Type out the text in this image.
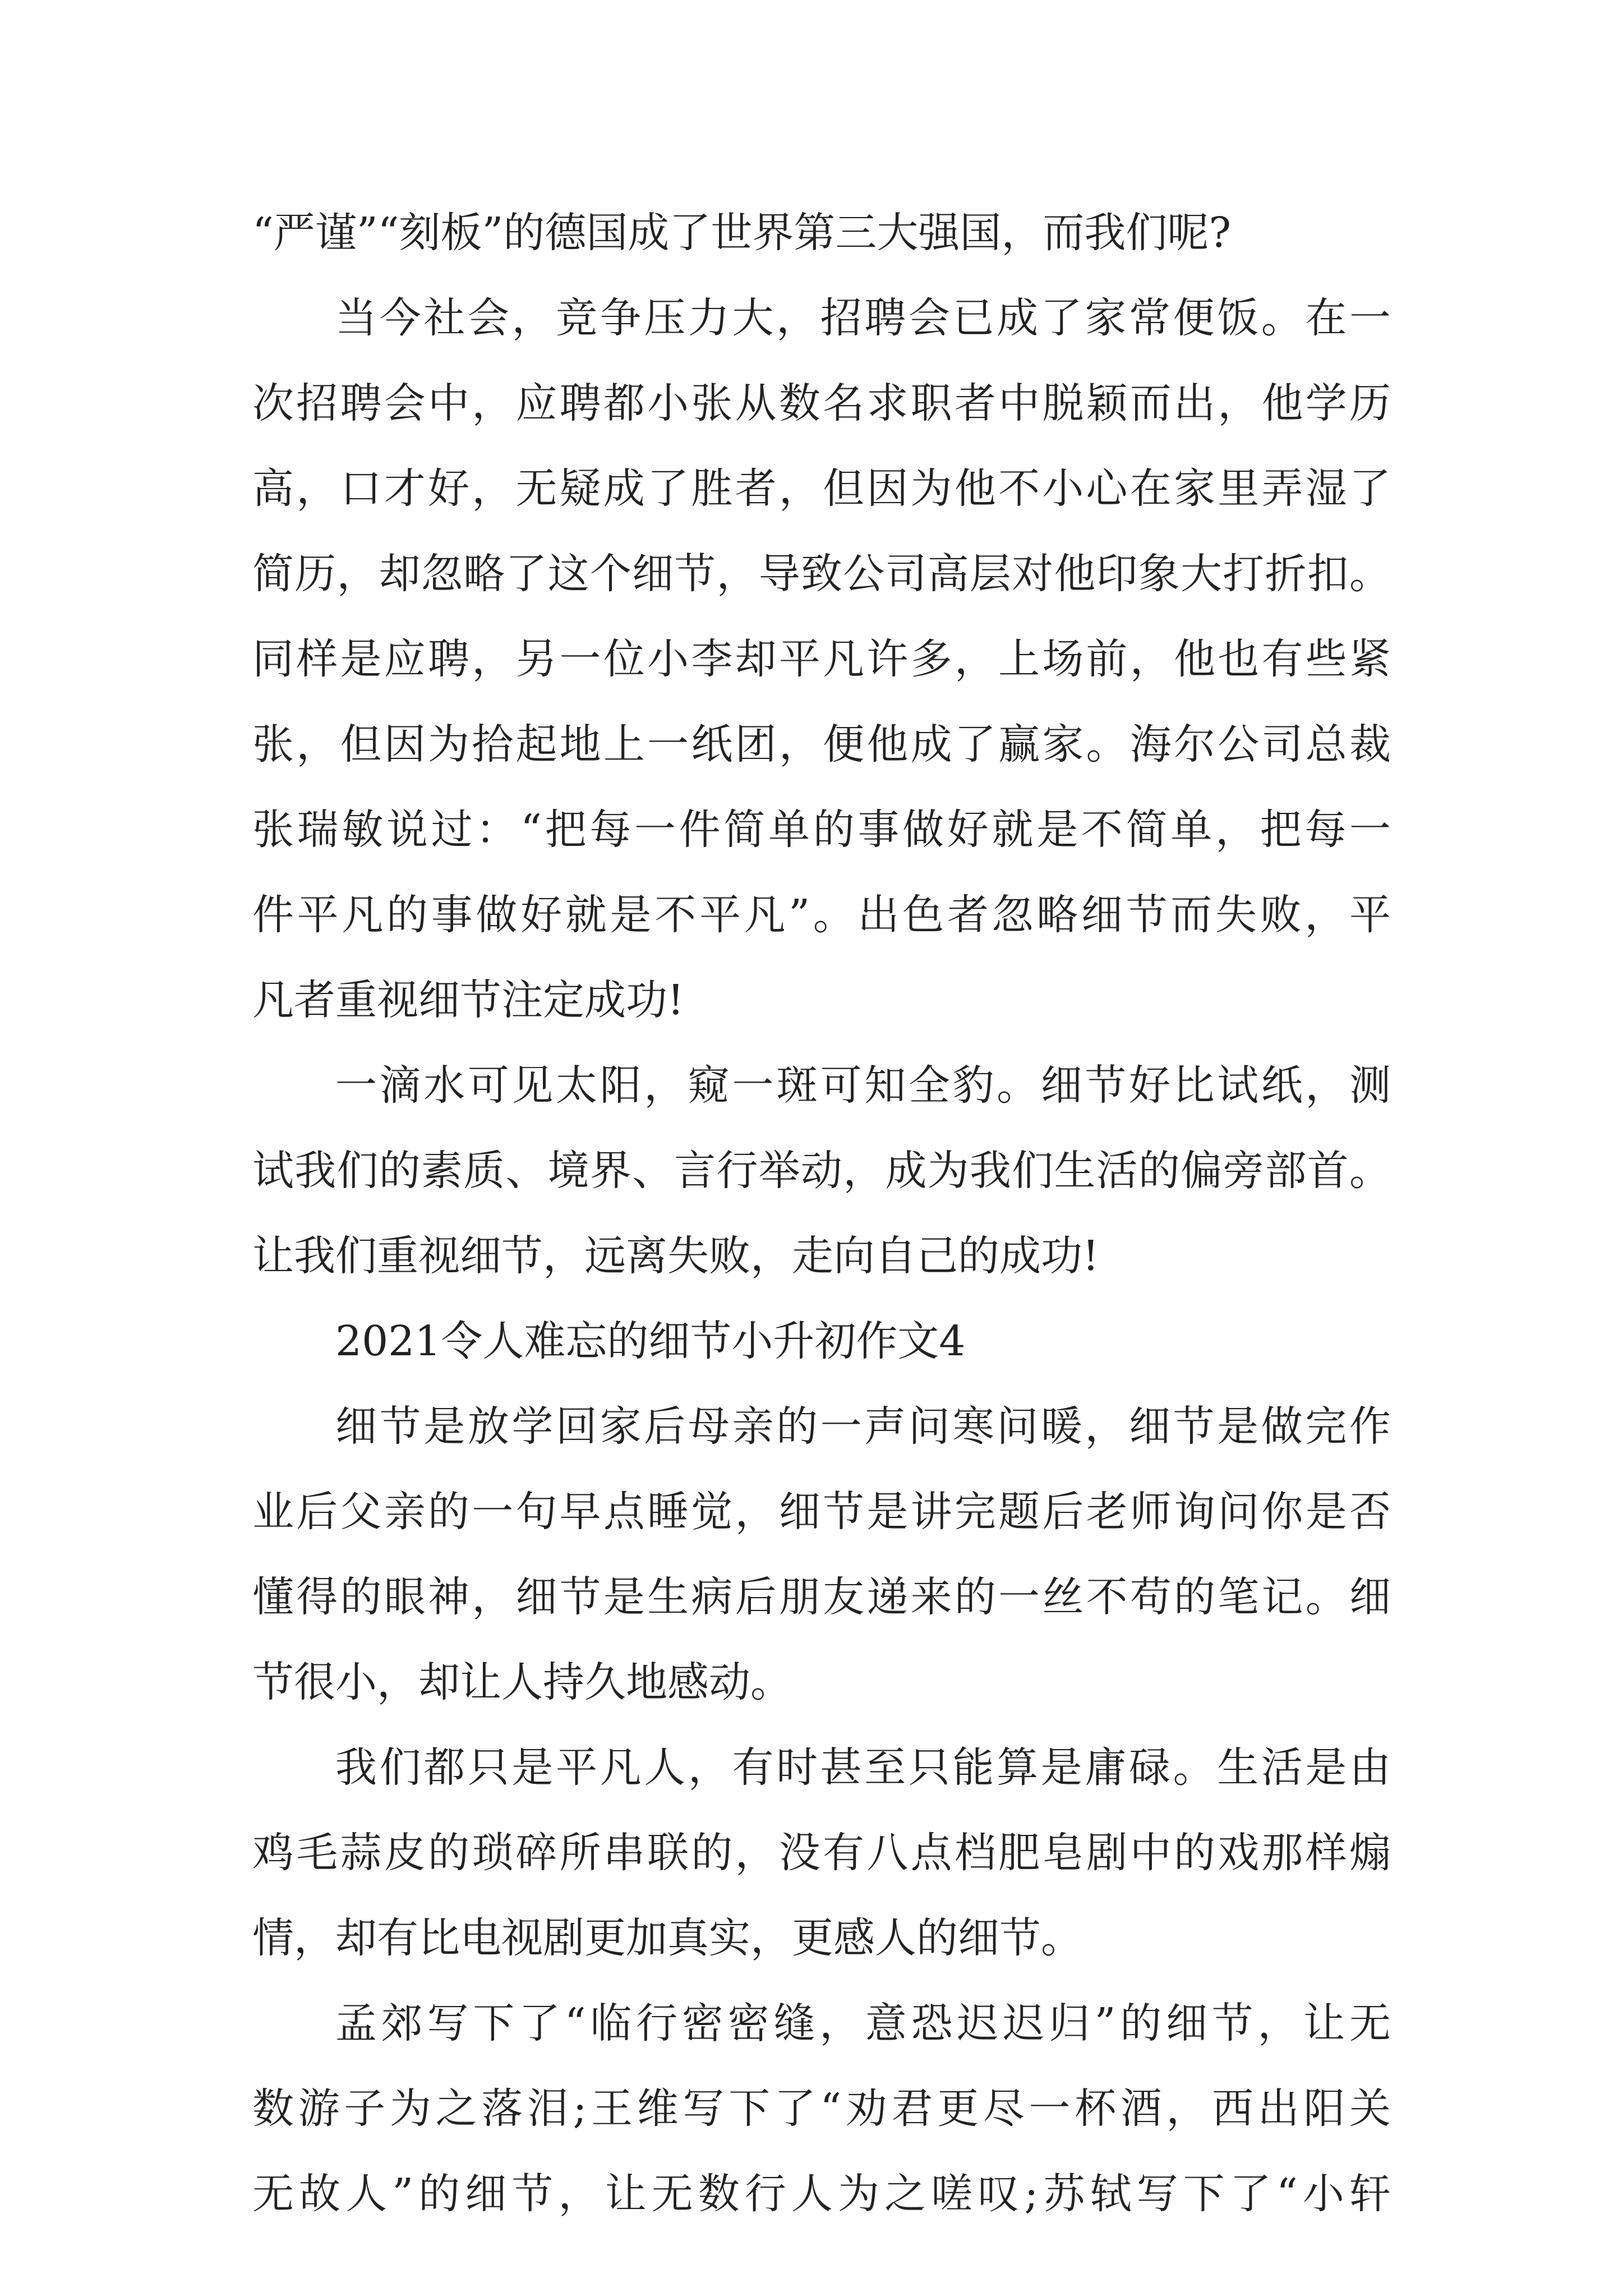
“严谨”“刻板”的德国成了世界第三大强国，而我们呢?
当今社会，竞争压力大，招聘会已成了家常便饭。在一
次招聘会中，应聘都小张从数名求职者中脱颖而出，他学历
高，口才好，无疑成了胜者，但因为他不小心在家里弄湿了
简历，却忽略了这个细节，导致公司高层对他印象大打折扣。
同样是应聘，另一位小李却平凡许多，上场前，他也有些紧
张，但因为拾起地上一纸团，便他成了赢家。海尔公司总裁
张瑞敏说过：“把每一件简单的事做好就是不简单，把每一
件平凡的事做好就是不平凡”。出色者忽略细节而失败，平
凡者重视细节注定成功!
一滴水可见太阳，窥一斑可知全豹。细节好比试纸，测
试我们的素质、境界、言行举动，成为我们生活的偏旁部首。
让我们重视细节，远离失败，走向自己的成功!
2021令人难忘的细节小升初作文4
细节是放学回家后母亲的一声问寒问暖，细节是做完作
业后父亲的一句早点睡觉，细节是讲完题后老师询问你是否
懂得的眼神，细节是生病后朋友递来的一丝不苟的笔记。细
节很小，却让人持久地感动。
我们都只是平凡人，有时甚至只能算是庸碌。生活是由
鸡毛蒜皮的琐碎所串联的，没有八点档肥皂剧中的戏那样煽
情，却有比电视剧更加真实，更感人的细节。
孟郊写下了“临行密密缝，意恐迟迟归”的细节，让无
数游子为之落泪;王维写下了“劝君更尽一杯酒，西出阳关
无故人”的细节，让无数行人为之嗟叹;苏轼写下了“小轩
